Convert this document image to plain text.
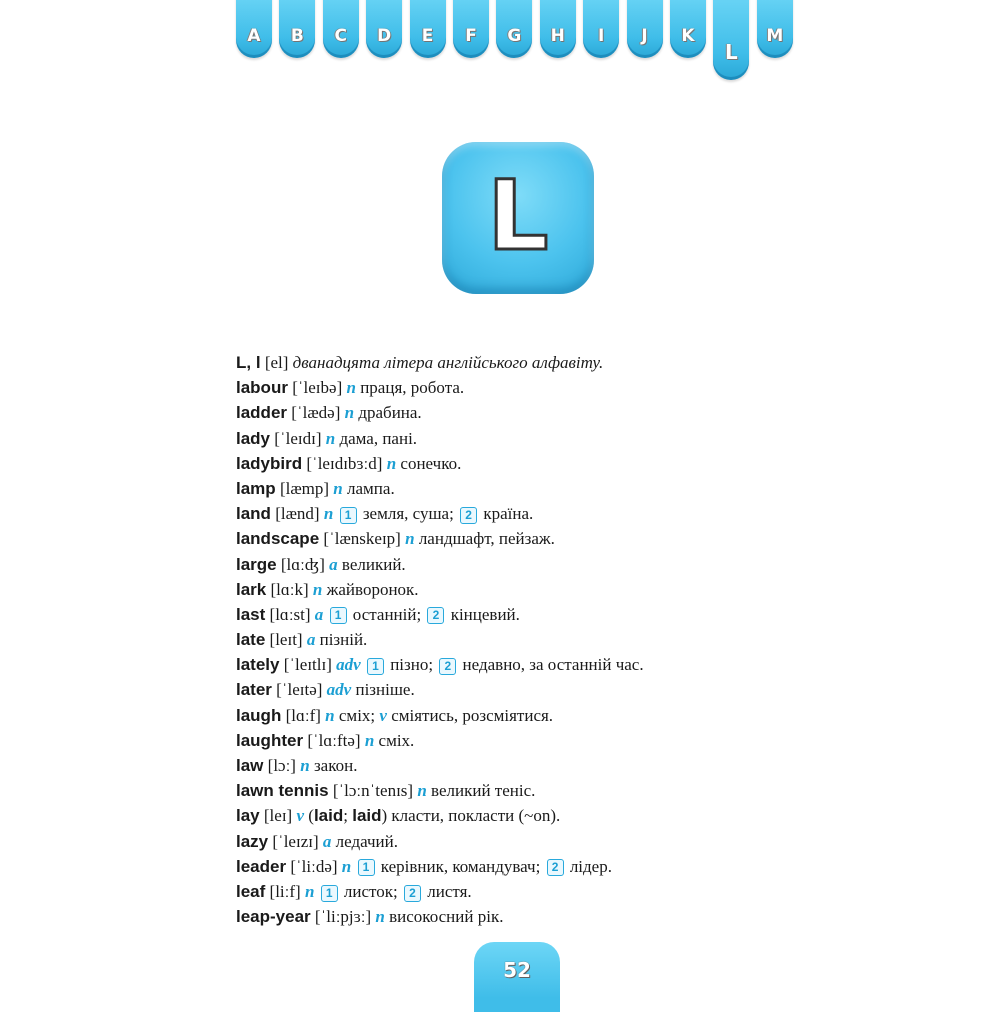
A	B	C	D	E	F	G	H	I	J	K
L
M
L
L, l [el] дванадцята літера англійського алфавіту.
labour [ˈleɪbə] n праця, робота.
ladder [ˈlædə] n драбина.
lady [ˈleɪdɪ] n дама, пані.
ladybird [ˈleɪdɪbɜːd] n сонечко.
lamp [læmp] n лампа.
land [lænd] n 1 земля, суша; 2 країна.
landscape [ˈlænskeɪp] n ландшафт, пейзаж.
large [lɑːʤ] a великий.
lark [lɑːk] n жайворонок.
last [lɑːst] a 1 останній; 2 кінцевий.
late [leɪt] a пізній.
lately [ˈleɪtlɪ] adv 1 пізно; 2 недавно, за останній час.
later [ˈleɪtə] adv пізніше.
laugh [lɑːf] n сміх; v сміятись, розсміятися.
laughter [ˈlɑːftə] n сміх.
law [lɔː] n закон.
lawn tennis [ˈlɔːnˈtenɪs] n великий теніс.
lay [leɪ] v (laid; laid) класти, покласти (~on).
lazy [ˈleɪzɪ] a ледачий.
leader [ˈliːdə] n 1 керівник, командувач; 2 лідер.
leaf [liːf] n 1 листок; 2 листя.
leap-year [ˈliːpjɜː] n високосний рік.
52
